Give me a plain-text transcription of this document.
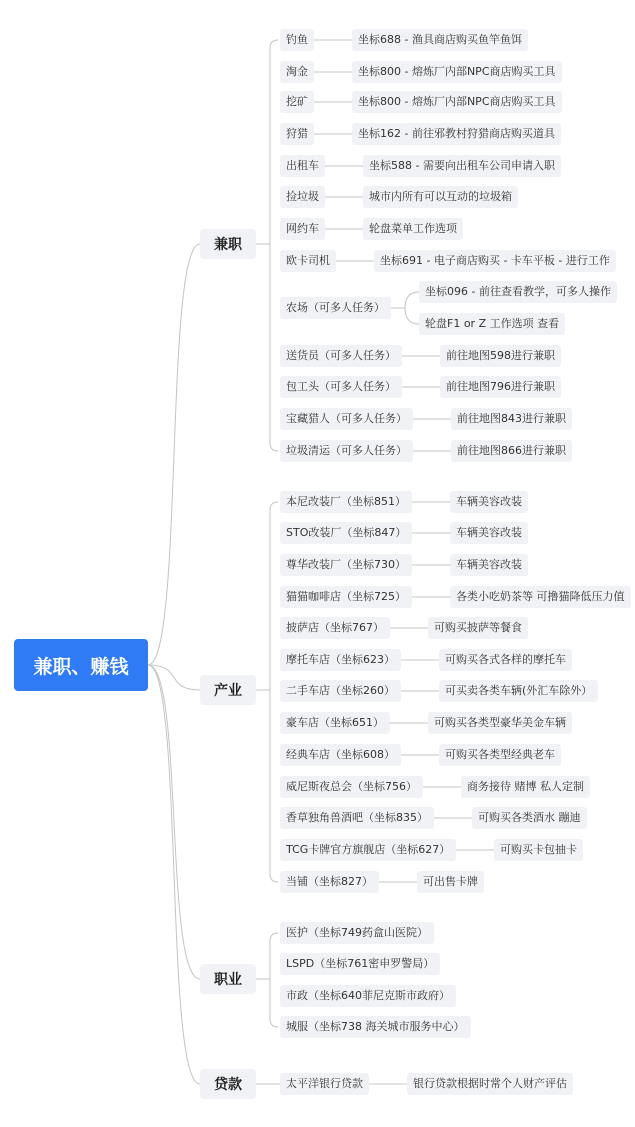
兼职、赚钱
兼职
钓鱼	坐标688 - 渔具商店购买鱼竿鱼饵
淘金	坐标800 - 熔炼厂内部NPC商店购买工具
挖矿	坐标800 - 熔炼厂内部NPC商店购买工具
狩猎	坐标162 - 前往邪教村狩猎商店购买道具
出租车	坐标588 - 需要向出租车公司申请入职
捡垃圾	城市内所有可以互动的垃圾箱
网约车	轮盘菜单工作选项
欧卡司机	坐标691 - 电子商店购买 - 卡车平板 - 进行工作
农场（可多人任务）
坐标096 - 前往查看教学，可多人操作
轮盘F1 or Z 工作选项 查看
送货员（可多人任务）	前往地图598进行兼职
包工头（可多人任务）	前往地图796进行兼职
宝藏猎人（可多人任务）	前往地图843进行兼职
垃圾清运（可多人任务）	前往地图866进行兼职
产业
本尼改装厂（坐标851）	车辆美容改装
STO改装厂（坐标847）	车辆美容改装
尊华改装厂（坐标730）	车辆美容改装
猫猫咖啡店（坐标725）	各类小吃奶茶等 可撸猫降低压力值
披萨店（坐标767）	可购买披萨等餐食
摩托车店（坐标623）	可购买各式各样的摩托车
二手车店（坐标260）	可买卖各类车辆(外汇车除外）
豪车店（坐标651）	可购买各类型豪华美金车辆
经典车店（坐标608）	可购买各类型经典老车
威尼斯夜总会（坐标756）	商务接待 赌博 私人定制
香草独角兽酒吧（坐标835）	可购买各类酒水 蹦迪
TCG卡牌官方旗舰店（坐标627）	可购买卡包抽卡
当铺（坐标827）	可出售卡牌
职业
医护（坐标749药盒山医院）
LSPD（坐标761密申罗警局）
市政（坐标640菲尼克斯市政府）
城服（坐标738 海关城市服务中心）
贷款	太平洋银行贷款	银行贷款根据时常个人财产评估
